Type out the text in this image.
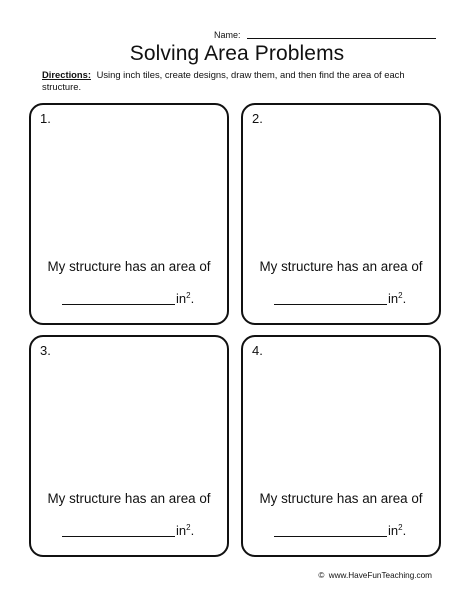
Name:
Solving Area Problems

Directions: Using inch tiles, create designs, draw them, and then find the area of each structure.

1.
My structure has an area of
$in^2$.
2.
My structure has an area of
$in^2$.
3.
My structure has an area of
$in^2$.
4.
My structure has an area of
$in^2$.
© www.HaveFunTeaching.com
